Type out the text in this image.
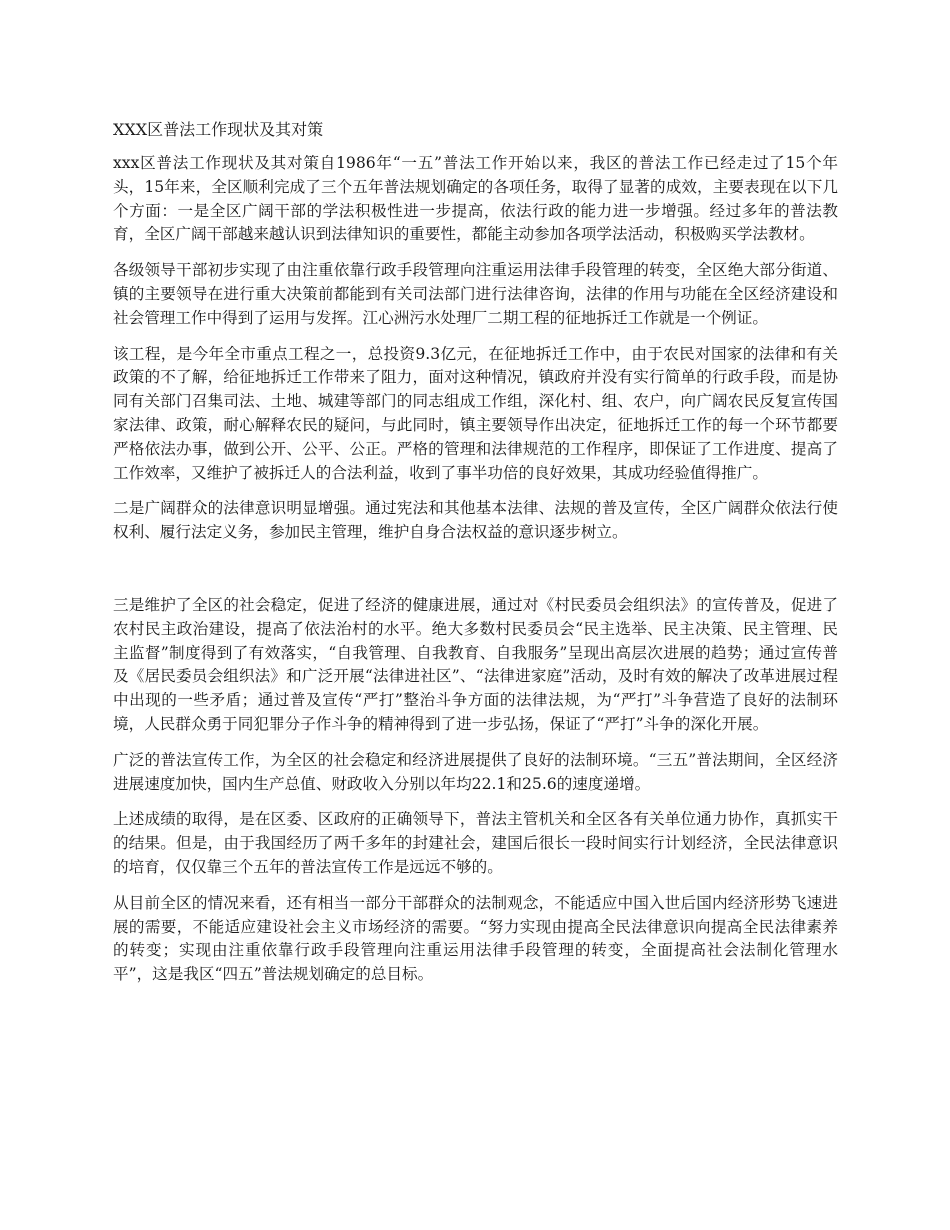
XXX区普法工作现状及其对策

xxx区普法工作现状及其对策自1986年“一五”普法工作开始以来，我区的普法工作已经走过了15个年头，15年来，全区顺利完成了三个五年普法规划确定的各项任务，取得了显著的成效，主要表现在以下几个方面：一是全区广阔干部的学法积极性进一步提高，依法行政的能力进一步增强。经过多年的普法教育，全区广阔干部越来越认识到法律知识的重要性，都能主动参加各项学法活动，积极购买学法教材。

各级领导干部初步实现了由注重依靠行政手段管理向注重运用法律手段管理的转变，全区绝大部分街道、镇的主要领导在进行重大决策前都能到有关司法部门进行法律咨询，法律的作用与功能在全区经济建设和社会管理工作中得到了运用与发挥。江心洲污水处理厂二期工程的征地拆迁工作就是一个例证。

该工程，是今年全市重点工程之一，总投资9.3亿元，在征地拆迁工作中，由于农民对国家的法律和有关政策的不了解，给征地拆迁工作带来了阻力，面对这种情况，镇政府并没有实行简单的行政手段，而是协同有关部门召集司法、土地、城建等部门的同志组成工作组，深化村、组、农户，向广阔农民反复宣传国家法律、政策，耐心解释农民的疑问，与此同时，镇主要领导作出决定，征地拆迁工作的每一个环节都要严格依法办事，做到公开、公平、公正。严格的管理和法律规范的工作程序，即保证了工作进度、提高了工作效率，又维护了被拆迁人的合法利益，收到了事半功倍的良好效果，其成功经验值得推广。

二是广阔群众的法律意识明显增强。通过宪法和其他基本法律、法规的普及宣传，全区广阔群众依法行使权利、履行法定义务，参加民主管理，维护自身合法权益的意识逐步树立。

三是维护了全区的社会稳定，促进了经济的健康进展，通过对《村民委员会组织法》的宣传普及，促进了农村民主政治建设，提高了依法治村的水平。绝大多数村民委员会“民主选举、民主决策、民主管理、民主监督”制度得到了有效落实，“自我管理、自我教育、自我服务”呈现出高层次进展的趋势；通过宣传普及《居民委员会组织法》和广泛开展“法律进社区”、“法律进家庭”活动，及时有效的解决了改革进展过程中出现的一些矛盾；通过普及宣传“严打”整治斗争方面的法律法规，为“严打”斗争营造了良好的法制环境，人民群众勇于同犯罪分子作斗争的精神得到了进一步弘扬，保证了“严打”斗争的深化开展。

广泛的普法宣传工作，为全区的社会稳定和经济进展提供了良好的法制环境。“三五”普法期间，全区经济进展速度加快，国内生产总值、财政收入分别以年均22.1和25.6的速度递增。

上述成绩的取得，是在区委、区政府的正确领导下，普法主管机关和全区各有关单位通力协作，真抓实干的结果。但是，由于我国经历了两千多年的封建社会，建国后很长一段时间实行计划经济，全民法律意识的培育，仅仅靠三个五年的普法宣传工作是远远不够的。

从目前全区的情况来看，还有相当一部分干部群众的法制观念，不能适应中国入世后国内经济形势飞速进展的需要，不能适应建设社会主义市场经济的需要。“努力实现由提高全民法律意识向提高全民法律素养的转变；实现由注重依靠行政手段管理向注重运用法律手段管理的转变，全面提高社会法制化管理水平”，这是我区“四五”普法规划确定的总目标。
